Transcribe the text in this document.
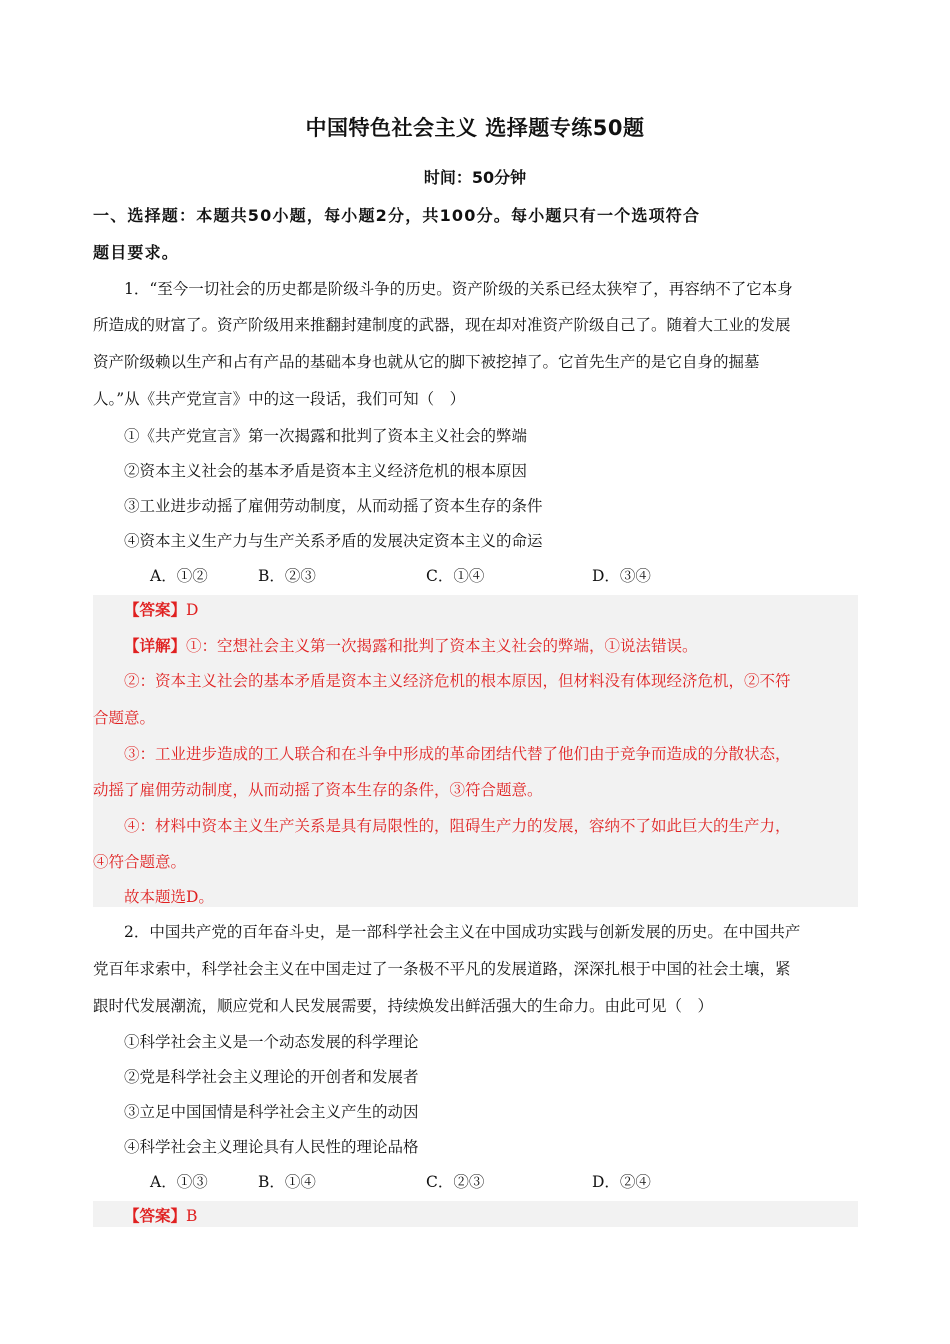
中国特色社会主义 选择题专练50题
时间：50分钟
一、选择题：本题共50小题，每小题2分，共100分。每小题只有一个选项符合
题目要求。
1．“至今一切社会的历史都是阶级斗争的历史。资产阶级的关系已经太狭窄了，再容纳不了它本身
所造成的财富了。资产阶级用来推翻封建制度的武器，现在却对准资产阶级自己了。随着大工业的发展
资产阶级赖以生产和占有产品的基础本身也就从它的脚下被挖掉了。它首先生产的是它自身的掘墓
人。”从《共产党宣言》中的这一段话，我们可知（　）
①《共产党宣言》第一次揭露和批判了资本主义社会的弊端
②资本主义社会的基本矛盾是资本主义经济危机的根本原因
③工业进步动摇了雇佣劳动制度，从而动摇了资本生存的条件
④资本主义生产力与生产关系矛盾的发展决定资本主义的命运
A．①②	B．②③	C．①④	D．③④
【答案】D
【详解】①：空想社会主义第一次揭露和批判了资本主义社会的弊端，①说法错误。
②：资本主义社会的基本矛盾是资本主义经济危机的根本原因，但材料没有体现经济危机，②不符
合题意。
③：工业进步造成的工人联合和在斗争中形成的革命团结代替了他们由于竞争而造成的分散状态，
动摇了雇佣劳动制度，从而动摇了资本生存的条件，③符合题意。
④：材料中资本主义生产关系是具有局限性的，阻碍生产力的发展，容纳不了如此巨大的生产力，
④符合题意。
故本题选D。
2．中国共产党的百年奋斗史，是一部科学社会主义在中国成功实践与创新发展的历史。在中国共产
党百年求索中，科学社会主义在中国走过了一条极不平凡的发展道路，深深扎根于中国的社会土壤，紧
跟时代发展潮流，顺应党和人民发展需要，持续焕发出鲜活强大的生命力。由此可见（　）
①科学社会主义是一个动态发展的科学理论
②党是科学社会主义理论的开创者和发展者
③立足中国国情是科学社会主义产生的动因
④科学社会主义理论具有人民性的理论品格
A．①③	B．①④	C．②③	D．②④
【答案】B
